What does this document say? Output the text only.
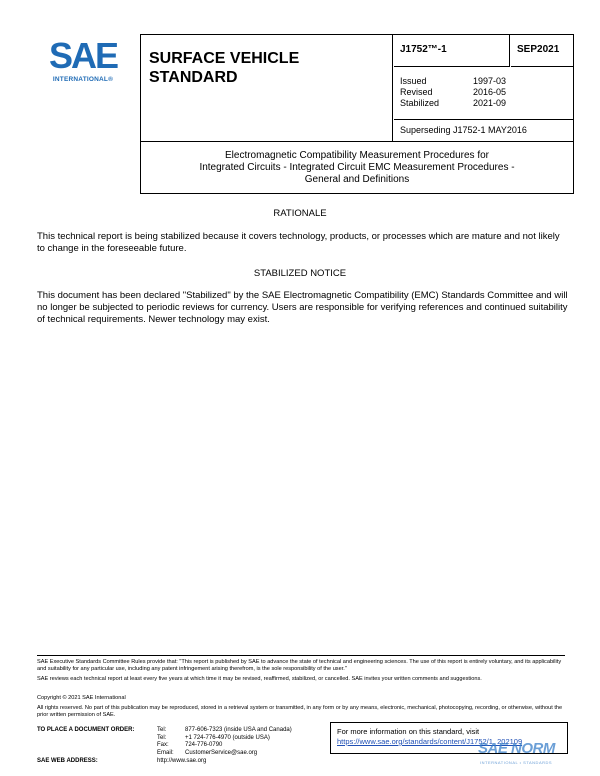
SAE
INTERNATIONAL®
SURFACE VEHICLE
STANDARD
J1752™-1	SEP2021
Issued	1997-03
Revised	2016-05
Stabilized	2021-09
Superseding J1752-1 MAY2016
Electromagnetic Compatibility Measurement Procedures for
Integrated Circuits - Integrated Circuit EMC Measurement Procedures -
General and Definitions
RATIONALE
This technical report is being stabilized because it covers technology, products, or processes which are mature and not likely to change in the foreseeable future.
STABILIZED NOTICE
This document has been declared "Stabilized" by the SAE Electromagnetic Compatibility (EMC) Standards Committee and will no longer be subjected to periodic reviews for currency. Users are responsible for verifying references and continued suitability of technical requirements. Newer technology may exist.
SAE Executive Standards Committee Rules provide that: "This report is published by SAE to advance the state of technical and engineering sciences. The use of this report is entirely voluntary, and its applicability and suitability for any particular use, including any patent infringement arising therefrom, is the sole responsibility of the user."
SAE reviews each technical report at least every five years at which time it may be revised, reaffirmed, stabilized, or cancelled. SAE invites your written comments and suggestions.
Copyright © 2021 SAE International
All rights reserved. No part of this publication may be reproduced, stored in a retrieval system or transmitted, in any form or by any means, electronic, mechanical, photocopying, recording, or otherwise, without the prior written permission of SAE.
TO PLACE A DOCUMENT ORDER:	Tel:	877-606-7323 (inside USA and Canada)
Tel:	+1 724-776-4970 (outside USA)
Fax:	724-776-0790
Email:	CustomerService@sae.org
SAE WEB ADDRESS:	http://www.sae.org
For more information on this standard, visit
https://www.sae.org/standards/content/J1752/1_202109
SAE NORM
INTERNATIONAL • STANDARDS
